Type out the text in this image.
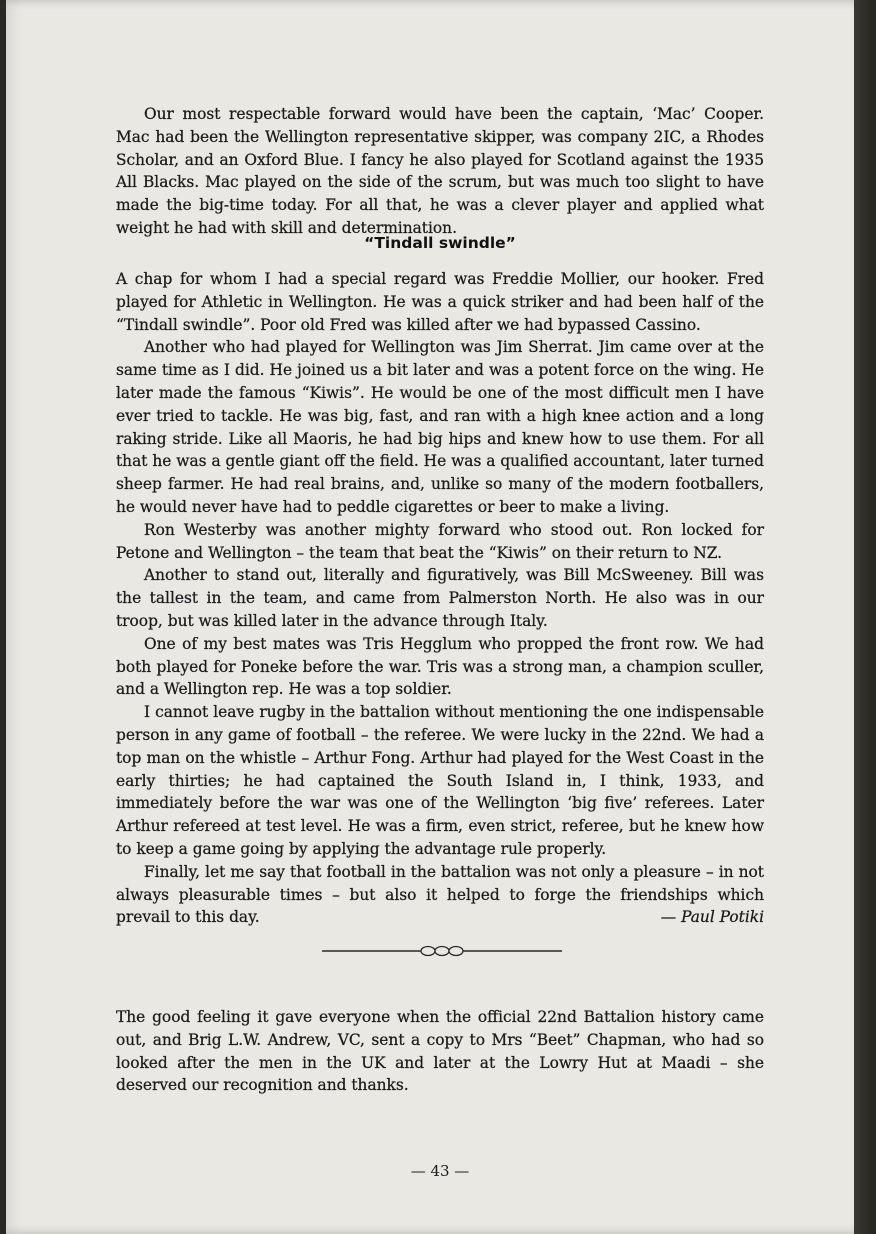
Our most respectable forward would have been the captain, ‘Mac’ Cooper. Mac had been the Wellington representative skipper, was company 2IC, a Rhodes Scholar, and an Oxford Blue. I fancy he also played for Scotland against the 1935 All Blacks. Mac played on the side of the scrum, but was much too slight to have made the big-time today. For all that, he was a clever player and applied what weight he had with skill and determination.

“Tindall swindle”

A chap for whom I had a special regard was Freddie Mollier, our hooker. Fred played for Athletic in Wellington. He was a quick striker and had been half of the “Tindall swindle”. Poor old Fred was killed after we had bypassed Cassino.

Another who had played for Wellington was Jim Sherrat. Jim came over at the same time as I did. He joined us a bit later and was a potent force on the wing. He later made the famous “Kiwis”. He would be one of the most difficult men I have ever tried to tackle. He was big, fast, and ran with a high knee action and a long raking stride. Like all Maoris, he had big hips and knew how to use them. For all that he was a gentle giant off the field. He was a qualified accountant, later turned sheep farmer. He had real brains, and, unlike so many of the modern footballers, he would never have had to peddle cigarettes or beer to make a living.

Ron Westerby was another mighty forward who stood out. Ron locked for Petone and Wellington – the team that beat the “Kiwis” on their return to NZ.

Another to stand out, literally and figuratively, was Bill McSweeney. Bill was the tallest in the team, and came from Palmerston North. He also was in our troop, but was killed later in the advance through Italy.

One of my best mates was Tris Hegglum who propped the front row. We had both played for Poneke before the war. Tris was a strong man, a champion sculler, and a Wellington rep. He was a top soldier.

I cannot leave rugby in the battalion without mentioning the one indispensable person in any game of football – the referee. We were lucky in the 22nd. We had a top man on the whistle – Arthur Fong. Arthur had played for the West Coast in the early thirties; he had captained the South Island in, I think, 1933, and immediately before the war was one of the Wellington ‘big five’ referees. Later Arthur refereed at test level. He was a firm, even strict, referee, but he knew how to keep a game going by applying the advantage rule properly.

Finally, let me say that football in the battalion was not only a pleasure – in not always pleasurable times – but also it helped to forge the friendships which prevail to this day.	— Paul Potiki

The good feeling it gave everyone when the official 22nd Battalion history came out, and Brig L.W. Andrew, VC, sent a copy to Mrs “Beet” Chapman, who had so looked after the men in the UK and later at the Lowry Hut at Maadi – she deserved our recognition and thanks.

— 43 —
